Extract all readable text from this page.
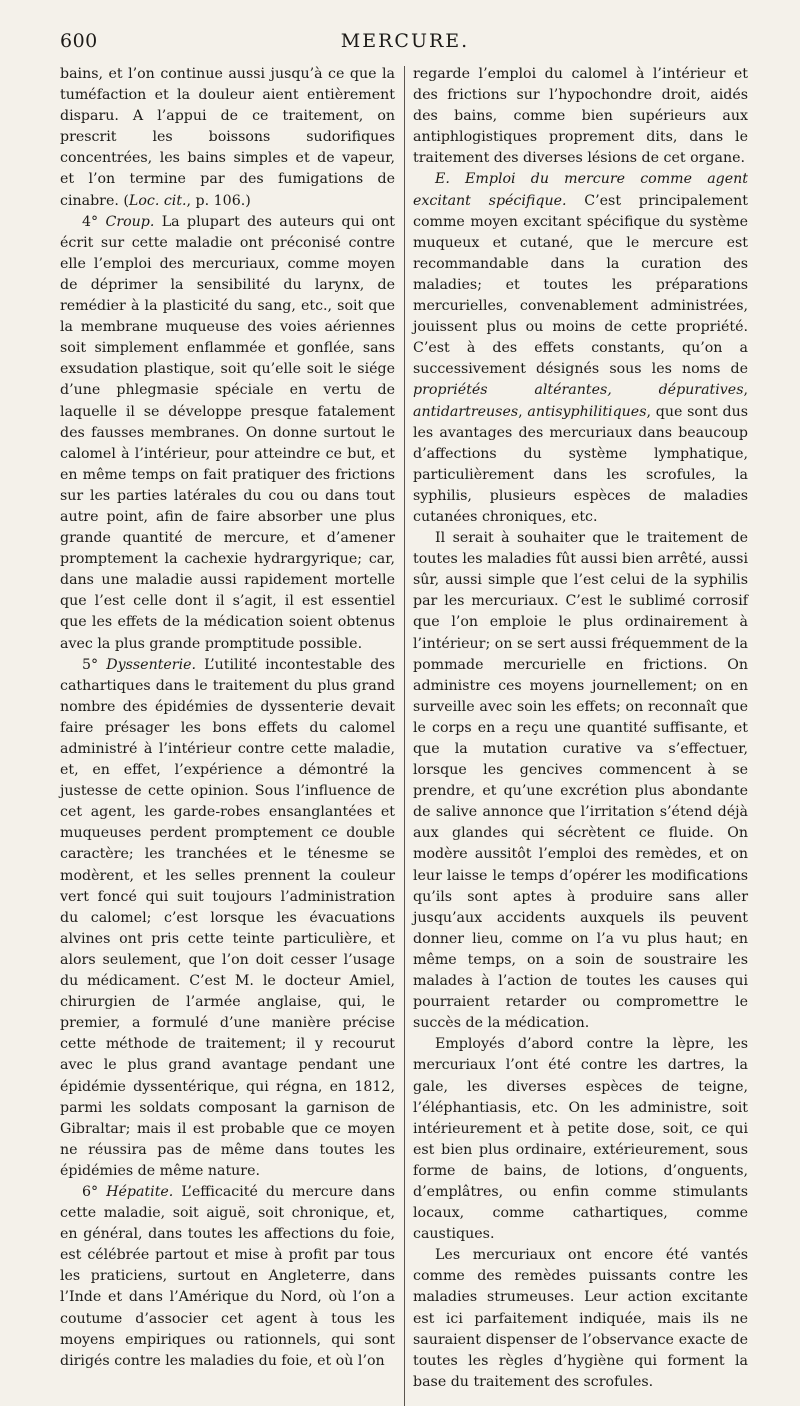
600	MERCURE.

bains, et l’on continue aussi jusqu’à ce que la tuméfaction et la douleur aient entièrement disparu. A l’appui de ce traitement, on prescrit les boissons sudorifiques concentrées, les bains simples et de vapeur, et l’on termine par des fumigations de cinabre. (Loc. cit., p. 106.)

4° Croup. La plupart des auteurs qui ont écrit sur cette maladie ont préconisé contre elle l’emploi des mercuriaux, comme moyen de déprimer la sensibilité du larynx, de remédier à la plasticité du sang, etc., soit que la membrane muqueuse des voies aériennes soit simplement enflammée et gonflée, sans exsudation plastique, soit qu’elle soit le siége d’une phlegmasie spéciale en vertu de laquelle il se développe presque fatalement des fausses membranes. On donne surtout le calomel à l’intérieur, pour atteindre ce but, et en même temps on fait pratiquer des frictions sur les parties latérales du cou ou dans tout autre point, afin de faire absorber une plus grande quantité de mercure, et d’amener promptement la cachexie hydrargyrique; car, dans une maladie aussi rapidement mortelle que l’est celle dont il s’agit, il est essentiel que les effets de la médication soient obtenus avec la plus grande promptitude possible.

5° Dyssenterie. L’utilité incontestable des cathartiques dans le traitement du plus grand nombre des épidémies de dyssenterie devait faire présager les bons effets du calomel administré à l’intérieur contre cette maladie, et, en effet, l’expérience a démontré la justesse de cette opinion. Sous l’influence de cet agent, les garde-robes ensanglantées et muqueuses perdent promptement ce double caractère; les tranchées et le ténesme se modèrent, et les selles prennent la couleur vert foncé qui suit toujours l’administration du calomel; c’est lorsque les évacuations alvines ont pris cette teinte particulière, et alors seulement, que l’on doit cesser l’usage du médicament. C’est M. le docteur Amiel, chirurgien de l’armée anglaise, qui, le premier, a formulé d’une manière précise cette méthode de traitement; il y recourut avec le plus grand avantage pendant une épidémie dyssentérique, qui régna, en 1812, parmi les soldats composant la garnison de Gibraltar; mais il est probable que ce moyen ne réussira pas de même dans toutes les épidémies de même nature.

6° Hépatite. L’efficacité du mercure dans cette maladie, soit aiguë, soit chronique, et, en général, dans toutes les affections du foie, est célébrée partout et mise à profit par tous les praticiens, surtout en Angleterre, dans l’Inde et dans l’Amérique du Nord, où l’on a coutume d’associer cet agent à tous les moyens empiriques ou rationnels, qui sont dirigés contre les maladies du foie, et où l’on

regarde l’emploi du calomel à l’intérieur et des frictions sur l’hypochondre droit, aidés des bains, comme bien supérieurs aux antiphlogistiques proprement dits, dans le traitement des diverses lésions de cet organe.

E. Emploi du mercure comme agent excitant spécifique. C’est principalement comme moyen excitant spécifique du système muqueux et cutané, que le mercure est recommandable dans la curation des maladies; et toutes les préparations mercurielles, convenablement administrées, jouissent plus ou moins de cette propriété. C’est à des effets constants, qu’on a successivement désignés sous les noms de propriétés altérantes, dépuratives, antidartreuses, antisyphilitiques, que sont dus les avantages des mercuriaux dans beaucoup d’affections du système lymphatique, particulièrement dans les scrofules, la syphilis, plusieurs espèces de maladies cutanées chroniques, etc.

Il serait à souhaiter que le traitement de toutes les maladies fût aussi bien arrêté, aussi sûr, aussi simple que l’est celui de la syphilis par les mercuriaux. C’est le sublimé corrosif que l’on emploie le plus ordinairement à l’intérieur; on se sert aussi fréquemment de la pommade mercurielle en frictions. On administre ces moyens journellement; on en surveille avec soin les effets; on reconnaît que le corps en a reçu une quantité suffisante, et que la mutation curative va s’effectuer, lorsque les gencives commencent à se prendre, et qu’une excrétion plus abondante de salive annonce que l’irritation s’étend déjà aux glandes qui sécrètent ce fluide. On modère aussitôt l’emploi des remèdes, et on leur laisse le temps d’opérer les modifications qu’ils sont aptes à produire sans aller jusqu’aux accidents auxquels ils peuvent donner lieu, comme on l’a vu plus haut; en même temps, on a soin de soustraire les malades à l’action de toutes les causes qui pourraient retarder ou compromettre le succès de la médication.

Employés d’abord contre la lèpre, les mercuriaux l’ont été contre les dartres, la gale, les diverses espèces de teigne, l’éléphantiasis, etc. On les administre, soit intérieurement et à petite dose, soit, ce qui est bien plus ordinaire, extérieurement, sous forme de bains, de lotions, d’onguents, d’emplâtres, ou enfin comme stimulants locaux, comme cathartiques, comme caustiques.

Les mercuriaux ont encore été vantés comme des remèdes puissants contre les maladies strumeuses. Leur action excitante est ici parfaitement indiquée, mais ils ne sauraient dispenser de l’observance exacte de toutes les règles d’hygiène qui forment la base du traitement des scrofules.
